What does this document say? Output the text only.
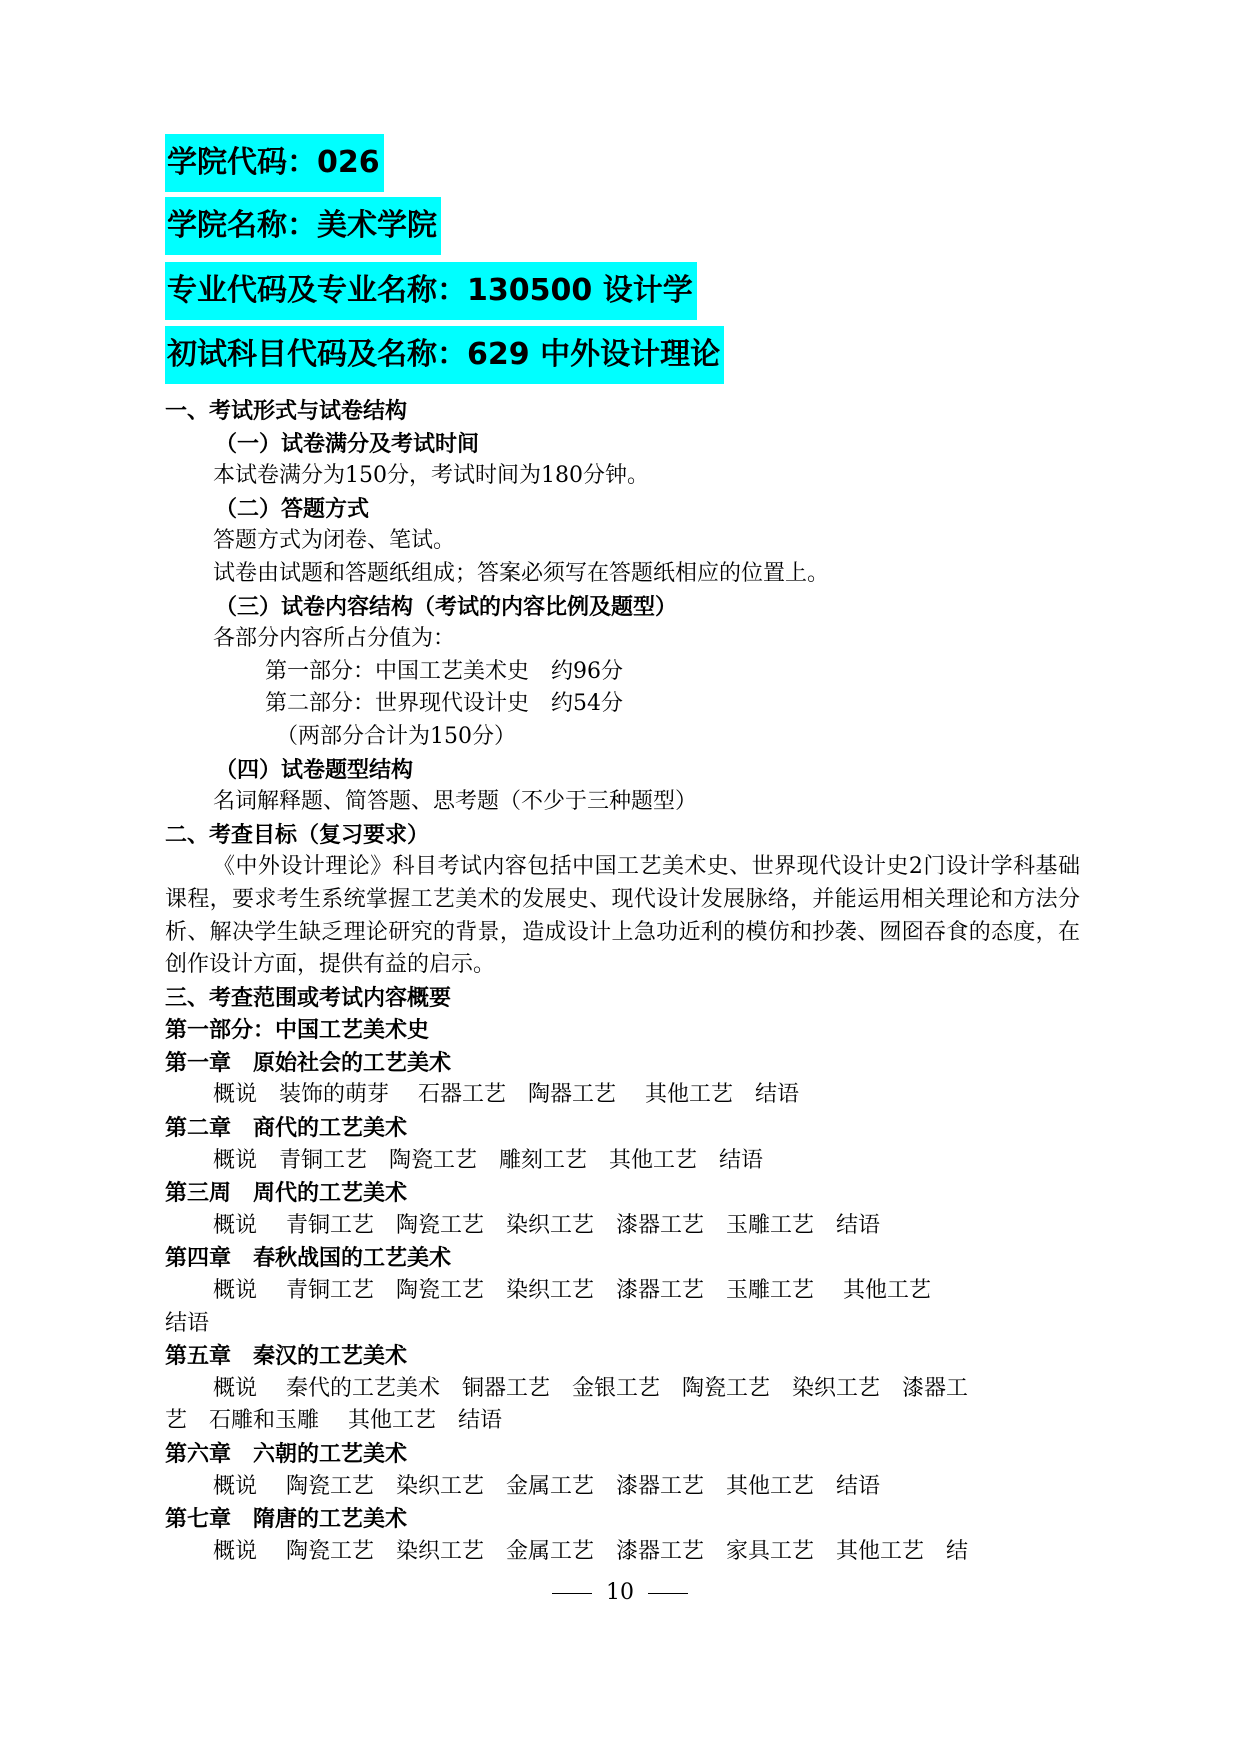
学院代码：026
学院名称：美术学院
专业代码及专业名称：130500 设计学
初试科目代码及名称：629 中外设计理论
一、考试形式与试卷结构
（一）试卷满分及考试时间
本试卷满分为150分，考试时间为180分钟。
（二）答题方式
答题方式为闭卷、笔试。
试卷由试题和答题纸组成；答案必须写在答题纸相应的位置上。
（三）试卷内容结构（考试的内容比例及题型）
各部分内容所占分值为：
第一部分：中国工艺美术史　约96分
第二部分：世界现代设计史　约54分
（两部分合计为150分）
（四）试卷题型结构
名词解释题、简答题、思考题（不少于三种题型）
二、考查目标（复习要求）

《中外设计理论》科目考试内容包括中国工艺美术史、世界现代设计史2门设计学科基础课程，要求考生系统掌握工艺美术的发展史、现代设计发展脉络，并能运用相关理论和方法分析、解决学生缺乏理论研究的背景，造成设计上急功近利的模仿和抄袭、囫囵吞食的态度，在创作设计方面，提供有益的启示。

三、考查范围或考试内容概要
第一部分：中国工艺美术史
第一章　原始社会的工艺美术
概说　装饰的萌芽　 石器工艺　陶器工艺　 其他工艺　结语
第二章　商代的工艺美术
概说　青铜工艺　陶瓷工艺　雕刻工艺　其他工艺　结语
第三周　周代的工艺美术
概说　 青铜工艺　陶瓷工艺　染织工艺　漆器工艺　玉雕工艺　结语
第四章　春秋战国的工艺美术
概说　 青铜工艺　陶瓷工艺　染织工艺　漆器工艺　玉雕工艺　 其他工艺
结语
第五章　秦汉的工艺美术
概说　 秦代的工艺美术　铜器工艺　金银工艺　陶瓷工艺　染织工艺　漆器工
艺　石雕和玉雕　 其他工艺　结语
第六章　六朝的工艺美术
概说　 陶瓷工艺　染织工艺　金属工艺　漆器工艺　其他工艺　结语
第七章　隋唐的工艺美术
概说　 陶瓷工艺　染织工艺　金属工艺　漆器工艺　家具工艺　其他工艺　结
10
